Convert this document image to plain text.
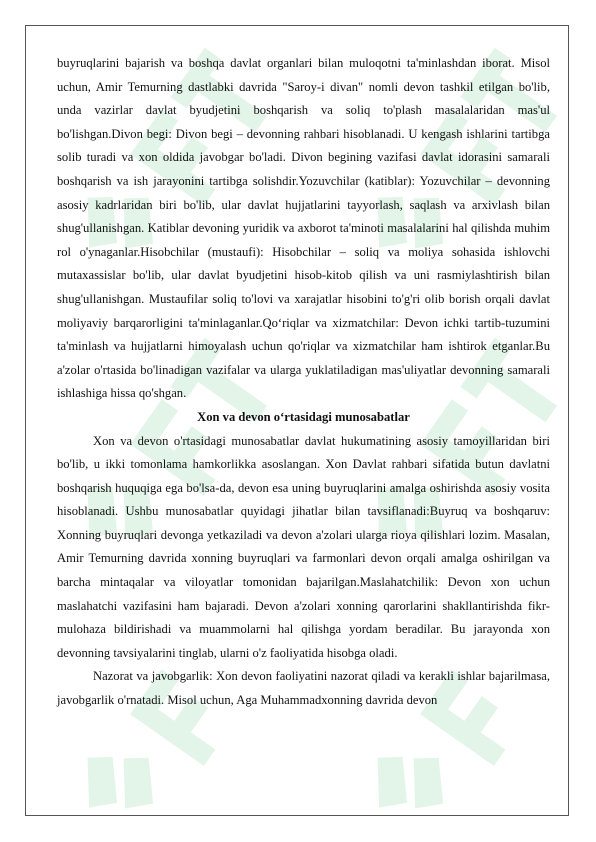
buyruqlarini bajarish va boshqa davlat organlari bilan muloqotni ta'minlashdan iborat. Misol uchun, Amir Temurning dastlabki davrida "Saroy-i divan" nomli devon tashkil etilgan bo'lib, unda vazirlar davlat byudjetini boshqarish va soliq to'plash masalalaridan mas'ul bo'lishgan.Divon begi: Divon begi – devonning rahbari hisoblanadi. U kengash ishlarini tartibga solib turadi va xon oldida javobgar bo'ladi. Divon begining vazifasi davlat idorasini samarali boshqarish va ish jarayonini tartibga solishdir.Yozuvchilar (katiblar): Yozuvchilar – devonning asosiy kadrlaridan biri bo'lib, ular davlat hujjatlarini tayyorlash, saqlash va arxivlash bilan shug'ullanishgan. Katiblar devoning yuridik va axborot ta'minoti masalalarini hal qilishda muhim rol o'ynaganlar.Hisobchilar (mustaufi): Hisobchilar – soliq va moliya sohasida ishlovchi mutaxassislar bo'lib, ular davlat byudjetini hisob-kitob qilish va uni rasmiylashtirish bilan shug'ullanishgan. Mustaufilar soliq to'lovi va xarajatlar hisobini to'g'ri olib borish orqali davlat moliyaviy barqarorligini ta'minlaganlar.Qo‘riqlar va xizmatchilar: Devon ichki tartib-tuzumini ta'minlash va hujjatlarni himoyalash uchun qo'riqlar va xizmatchilar ham ishtirok etganlar.Bu a'zolar o'rtasida bo'linadigan vazifalar va ularga yuklatiladigan mas'uliyatlar devonning samarali ishlashiga hissa qo'shgan.

Xon va devon o‘rtasidagi munosabatlar

Xon va devon o'rtasidagi munosabatlar davlat hukumatining asosiy tamoyillaridan biri bo'lib, u ikki tomonlama hamkorlikka asoslangan. Xon Davlat rahbari sifatida butun davlatni boshqarish huquqiga ega bo'lsa-da, devon esa uning buyruqlarini amalga oshirishda asosiy vosita hisoblanadi. Ushbu munosabatlar quyidagi jihatlar bilan tavsiflanadi:Buyruq va boshqaruv: Xonning buyruqlari devonga yetkaziladi va devon a'zolari ularga rioya qilishlari lozim. Masalan, Amir Temurning davrida xonning buyruqlari va farmonlari devon orqali amalga oshirilgan va barcha mintaqalar va viloyatlar tomonidan bajarilgan.Maslahatchilik: Devon xon uchun maslahatchi vazifasini ham bajaradi. Devon a'zolari xonning qarorlarini shakllantirishda fikr-mulohaza bildirishadi va muammolarni hal qilishga yordam beradilar. Bu jarayonda xon devonning tavsiyalarini tinglab, ularni o'z faoliyatida hisobga oladi.

Nazorat va javobgarlik: Xon devon faoliyatini nazorat qiladi va kerakli ishlar bajarilmasa, javobgarlik o'rnatadi. Misol uchun, Aga Muhammadxonning davrida devon
